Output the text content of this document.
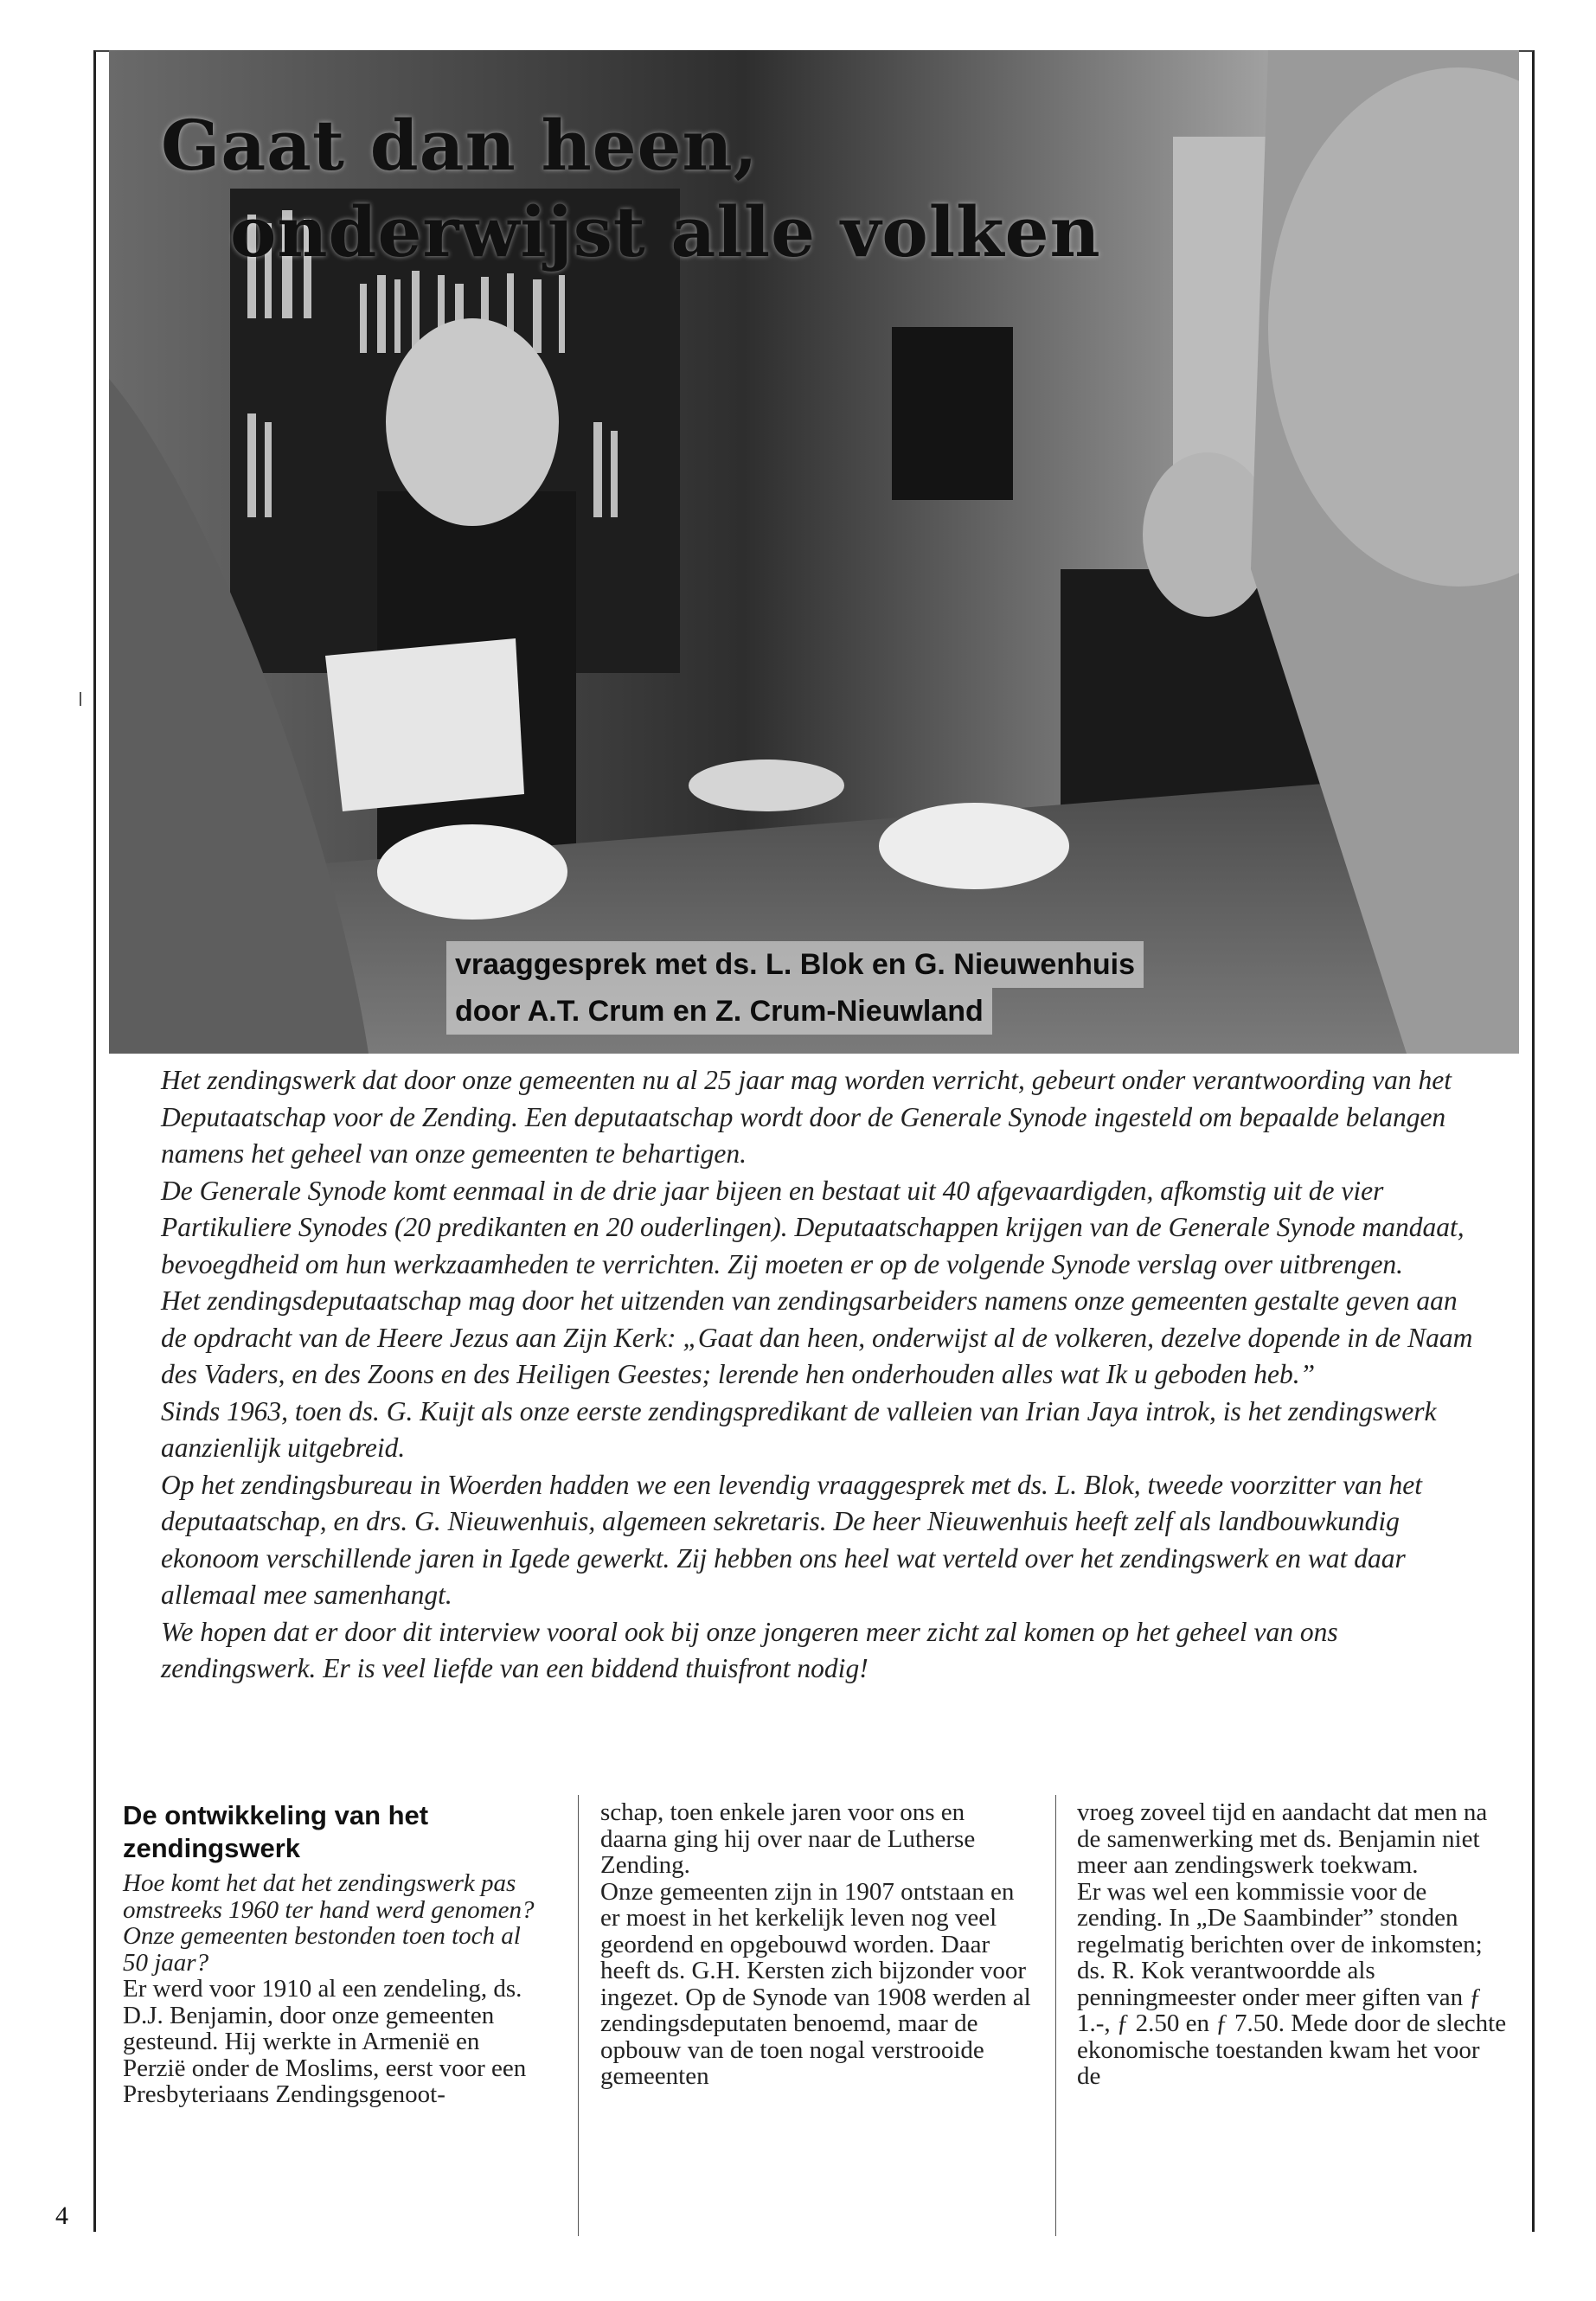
Gaat dan heen,
onderwijst alle volken
vraaggesprek met ds. L. Blok en G. Nieuwenhuis
door A.T. Crum en Z. Crum-Nieuwland

Het zendingswerk dat door onze gemeenten nu al 25 jaar mag worden verricht, gebeurt onder verantwoording van het Deputaatschap voor de Zending. Een deputaatschap wordt door de Generale Synode ingesteld om bepaalde belangen namens het geheel van onze gemeenten te behartigen.

De Generale Synode komt eenmaal in de drie jaar bijeen en bestaat uit 40 afgevaardigden, afkomstig uit de vier Partikuliere Synodes (20 predikanten en 20 ouderlingen). Deputaatschappen krijgen van de Generale Synode mandaat, bevoegdheid om hun werkzaamheden te verrichten. Zij moeten er op de volgende Synode verslag over uitbrengen.

Het zendingsdeputaatschap mag door het uitzenden van zendingsarbeiders namens onze gemeenten gestalte geven aan de opdracht van de Heere Jezus aan Zijn Kerk: „Gaat dan heen, onderwijst al de volkeren, dezelve dopende in de Naam des Vaders, en des Zoons en des Heiligen Geestes; lerende hen onderhouden alles wat Ik u geboden heb.”

Sinds 1963, toen ds. G. Kuijt als onze eerste zendingspredikant de valleien van Irian Jaya introk, is het zendingswerk aanzienlijk uitgebreid.

Op het zendingsbureau in Woerden hadden we een levendig vraaggesprek met ds. L. Blok, tweede voorzitter van het deputaatschap, en drs. G. Nieuwenhuis, algemeen sekretaris. De heer Nieuwenhuis heeft zelf als landbouwkundig ekonoom verschillende jaren in Igede gewerkt. Zij hebben ons heel wat verteld over het zendingswerk en wat daar allemaal mee samenhangt.

We hopen dat er door dit interview vooral ook bij onze jongeren meer zicht zal komen op het geheel van ons zendingswerk. Er is veel liefde van een biddend thuisfront nodig!

De ontwikkeling van het zendingswerk

Hoe komt het dat het zendingswerk pas omstreeks 1960 ter hand werd genomen? Onze gemeenten bestonden toen toch al 50 jaar?

Er werd voor 1910 al een zendeling, ds. D.J. Benjamin, door onze gemeenten gesteund. Hij werkte in Armenië en Perzië onder de Moslims, eerst voor een Presbyteriaans Zendingsgenoot-

schap, toen enkele jaren voor ons en daarna ging hij over naar de Lutherse Zending.

Onze gemeenten zijn in 1907 ontstaan en er moest in het kerkelijk leven nog veel geordend en opgebouwd worden. Daar heeft ds. G.H. Kersten zich bijzonder voor ingezet. Op de Synode van 1908 werden al zendingsdeputaten benoemd, maar de opbouw van de toen nogal verstrooide gemeenten

vroeg zoveel tijd en aandacht dat men na de samenwerking met ds. Benjamin niet meer aan zendingswerk toekwam.

Er was wel een kommissie voor de zending. In „De Saambinder” stonden regelmatig berichten over de inkomsten; ds. R. Kok verantwoordde als penningmeester onder meer giften van ƒ 1.-, ƒ 2.50 en ƒ 7.50. Mede door de slechte ekonomische toestanden kwam het voor de

4
